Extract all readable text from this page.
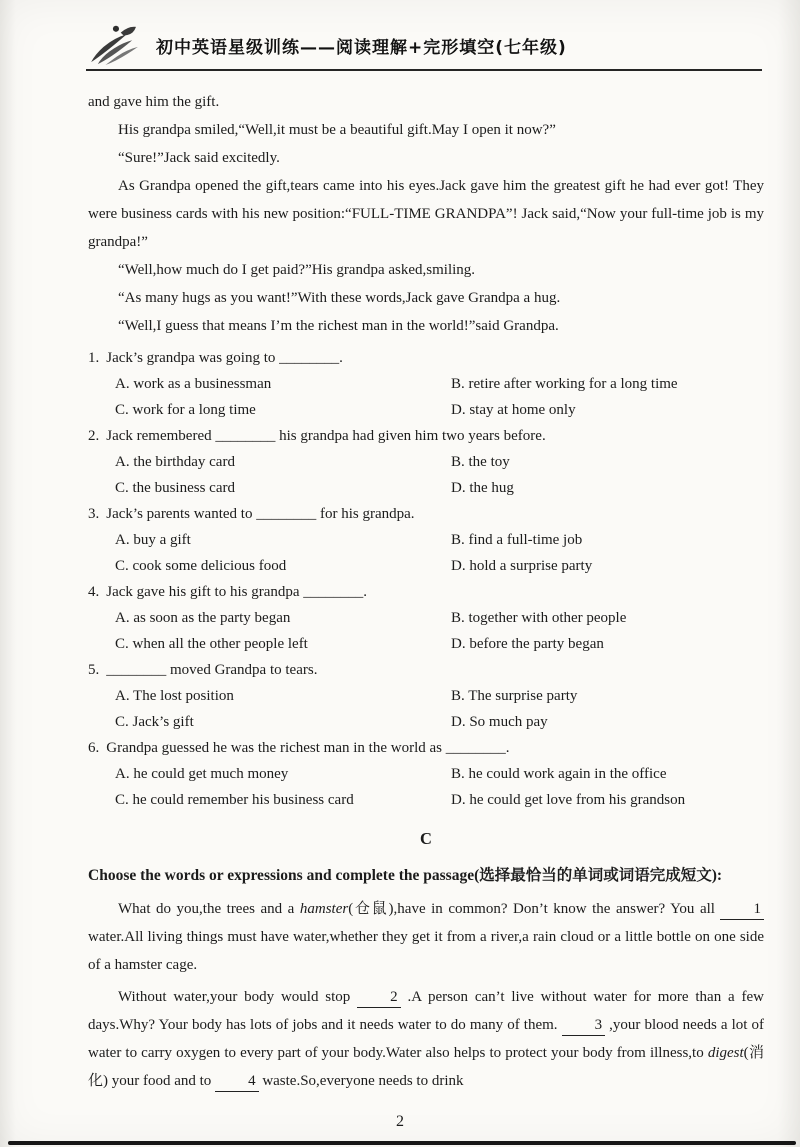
初中英语星级训练——阅读理解+完形填空(七年级)

and gave him the gift.

His grandpa smiled,“Well,it must be a beautiful gift.May I open it now?”

“Sure!”Jack said excitedly.

As Grandpa opened the gift,tears came into his eyes.Jack gave him the greatest gift he had ever got! They were business cards with his new position:“FULL-TIME GRANDPA”! Jack said,“Now your full-time job is my grandpa!”

“Well,how much do I get paid?”His grandpa asked,smiling.

“As many hugs as you want!”With these words,Jack gave Grandpa a hug.

“Well,I guess that means I’m the richest man in the world!”said Grandpa.

1. Jack’s grandpa was going to ________.
A. work as a businessman	B. retire after working for a long time
C. work for a long time	D. stay at home only
2. Jack remembered ________ his grandpa had given him two years before.
A. the birthday card	B. the toy
C. the business card	D. the hug
3. Jack’s parents wanted to ________ for his grandpa.
A. buy a gift	B. find a full-time job
C. cook some delicious food	D. hold a surprise party
4. Jack gave his gift to his grandpa ________.
A. as soon as the party began	B. together with other people
C. when all the other people left	D. before the party began
5. ________ moved Grandpa to tears.
A. The lost position	B. The surprise party
C. Jack’s gift	D. So much pay
6. Grandpa guessed he was the richest man in the world as ________.
A. he could get much money	B. he could work again in the office
C. he could remember his business card	D. he could get love from his grandson
C

Choose the words or expressions and complete the passage(选择最恰当的单词或词语完成短文):

What do you,the trees and a hamster(仓鼠),have in common? Don’t know the answer? You all 1 water.All living things must have water,whether they get it from a river,a rain cloud or a little bottle on one side of a hamster cage.

Without water,your body would stop 2 .A person can’t live without water for more than a few days.Why? Your body has lots of jobs and it needs water to do many of them. 3 ,your blood needs a lot of water to carry oxygen to every part of your body.Water also helps to protect your body from illness,to digest(消化) your food and to 4 waste.So,everyone needs to drink

2
